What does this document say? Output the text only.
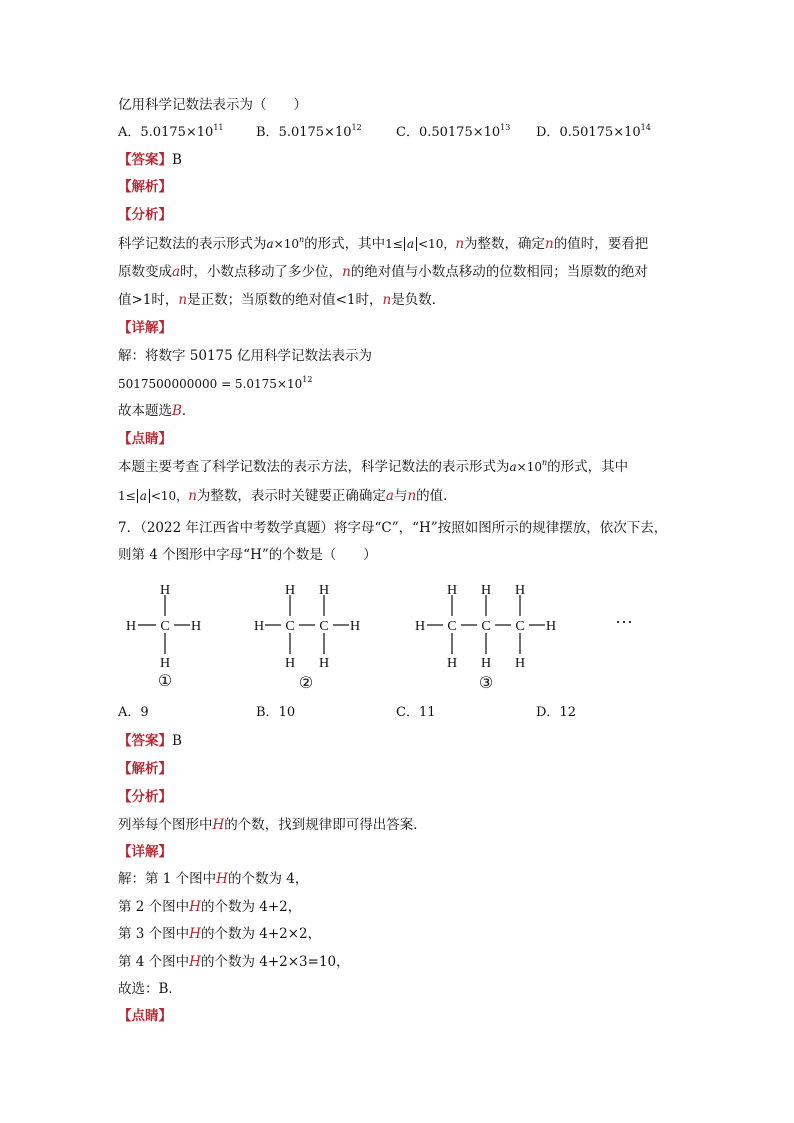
亿用科学记数法表示为（　　）
A．$5.0175\times 10^{11}$	B．$5.0175\times 10^{12}$	C．$0.50175\times 10^{13}$ D．$0.50175\times 10^{14}$
【答案】B
【解析】
【分析】
科学记数法的表示形式为$a\times 10^n$的形式，其中1≤ a <10，n为整数，确定n的值时，要看把
原数变成a时，小数点移动了多少位，n的绝对值与小数点移动的位数相同；当原数的绝对
值>1时，n是正数；当原数的绝对值<1时，n是负数．
【详解】
解：将数字 50175 亿用科学记数法表示为
$5017500000000 = 5.0175\times 10^{12}$
故本题选B．
【点睛】
本题主要考查了科学记数法的表示方法，科学记数法的表示形式为$a\times 10^n$的形式，其中
1≤ a <10，n为整数，表示时关键要正确确定a与n的值．
7．（2022 年江西省中考数学真题）将字母“C”，“H”按照如图所示的规律摆放，依次下去，
则第 4 个图形中字母“H”的个数是（　　）
H
H C H
H
①
H H
H C C H
H H
②
H H H
H C C C H
H H H
③
···
A．9	B．10	C．11	D．12
【答案】B
【解析】
【分析】
列举每个图形中H的个数，找到规律即可得出答案．
【详解】
解：第 1 个图中H的个数为 4，
第 2 个图中H的个数为 4+2，
第 3 个图中H的个数为 4+2×2，
第 4 个图中H的个数为 4+2×3=10，
故选：B．
【点睛】
